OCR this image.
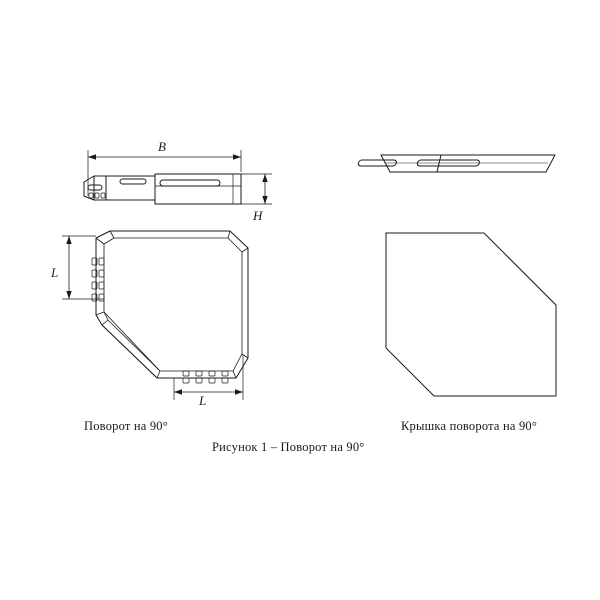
B
H
L
L
Поворот на 90°	Крышка поворота на 90°
Рисунок 1 – Поворот на 90°
